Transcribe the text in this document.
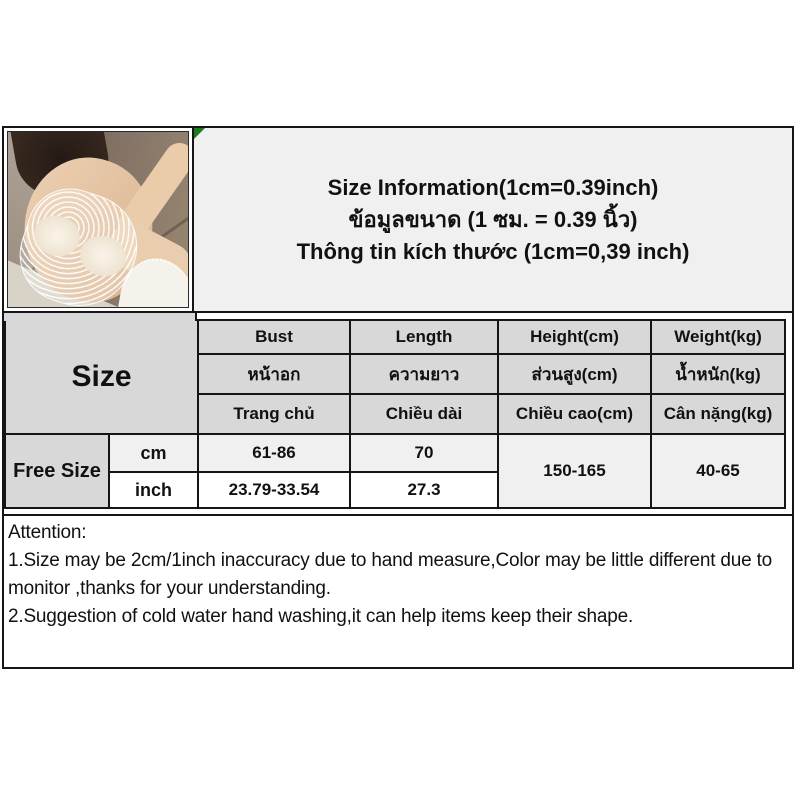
Size Information(1cm=0.39inch)
ข้อมูลขนาด (1 ซม. = 0.39 นิ้ว)
Thông tin kích thước (1cm=0,39 inch)
Size		Bust	Length	Height(cm)	Weight(kg)
		หน้าอก	ความยาว	ส่วนสูง(cm)	น้ำหนัก(kg)
		Trang chủ	Chiều dài	Chiều cao(cm)	Cân nặng(kg)
Free Size	cm	61-86	70	150-165	40-65
	inch	23.79-33.54	27.3		
Attention:
1.Size may be 2cm/1inch inaccuracy due to hand measure,Color may be little different due to monitor ,thanks for your understanding.
2.Suggestion of cold water hand washing,it can help items keep their shape.
